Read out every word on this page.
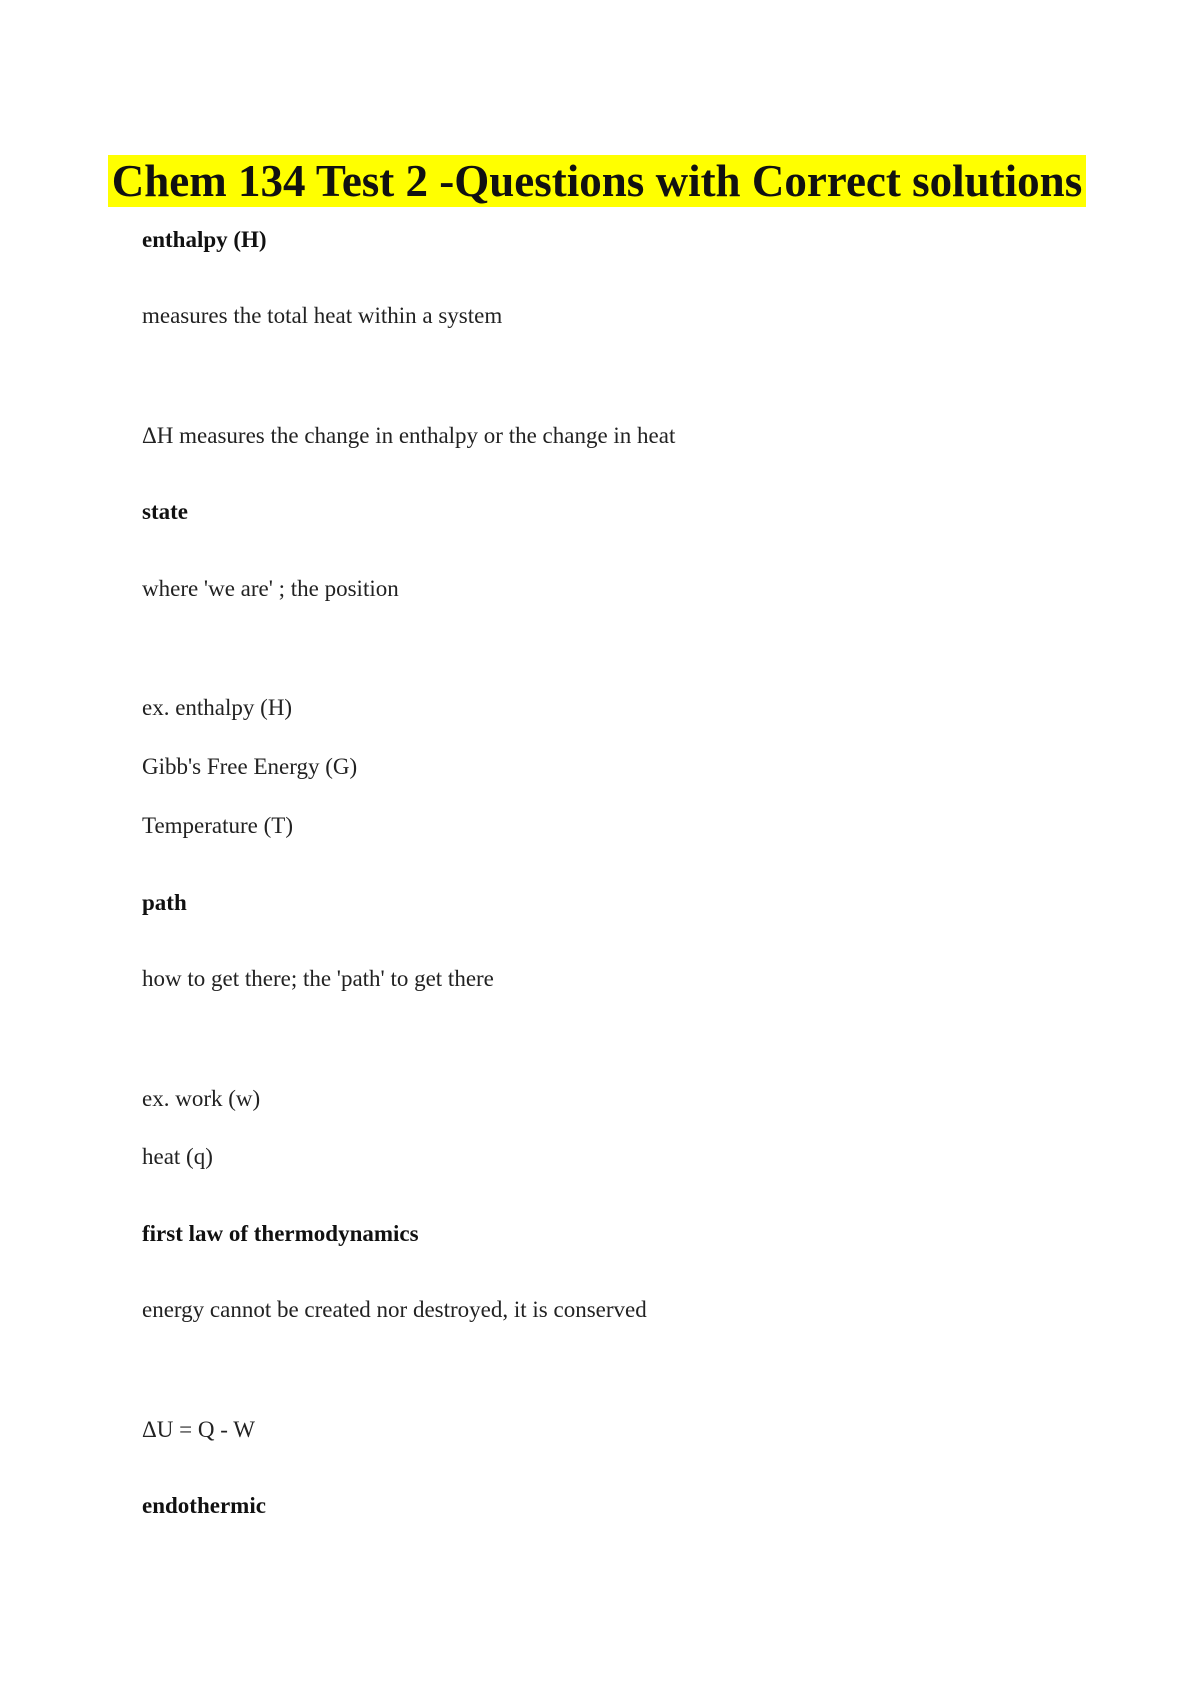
Chem 134 Test 2 -Questions with Correct solutions
enthalpy (H)
measures the total heat within a system
ΔH measures the change in enthalpy or the change in heat
state
where 'we are' ; the position
ex. enthalpy (H)
Gibb's Free Energy (G)
Temperature (T)
path
how to get there; the 'path' to get there
ex. work (w)
heat (q)
first law of thermodynamics
energy cannot be created nor destroyed, it is conserved
ΔU = Q - W
endothermic
